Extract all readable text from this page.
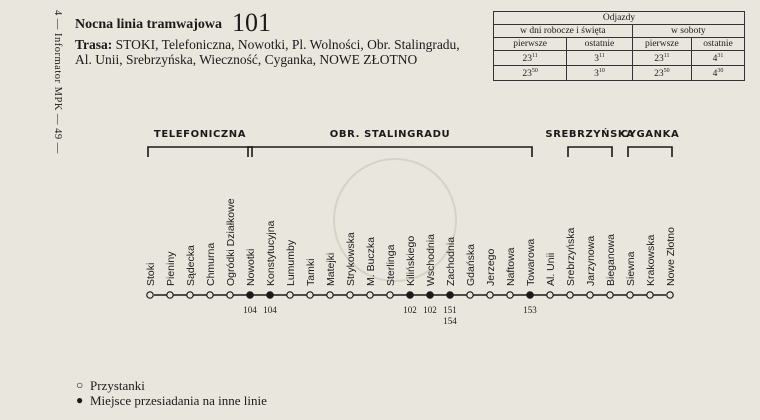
4 — Informator MPK — 49 — Nocna linia tramwajowa 101
Trasa: STOKI, Telefoniczna, Nowotki, Pl. Wolności, Obr. Stalingradu, Al. Unii, Srebrzyńska, Wieczność, Cyganka, NOWE ZŁOTNO
Odjazdy			
w dni robocze i święta		w soboty	
pierwsze	ostatnie	pierwsze	ostatnie
$23^{11}$	$3^{11}$	$23^{11}$	$4^{31}$
$23^{50}$	$3^{10}$	$23^{50}$	$4^{30}$
Stoki Pieniny Sądecka Chmurna Ogródki Działkowe Nowotki
104
Konstytucyjna
104
Lumumby Tamki Matejki Strykowska M. Buczka Sterlinga Kilińskiego
102
Wschodnia
102
Zachodnia
151
154
Gdańska Jerzego Naftowa Towarowa
153
Al. Unii Srebrzyńska Jarzynowa Bieganowa Siewna Krakowska Nowe Złotno
TELEFONICZNA	OBR. STALINGRADU	SREBRZYŃSKA
CYGANKA
○ Przystanki
● Miejsce przesiadania na inne linie
